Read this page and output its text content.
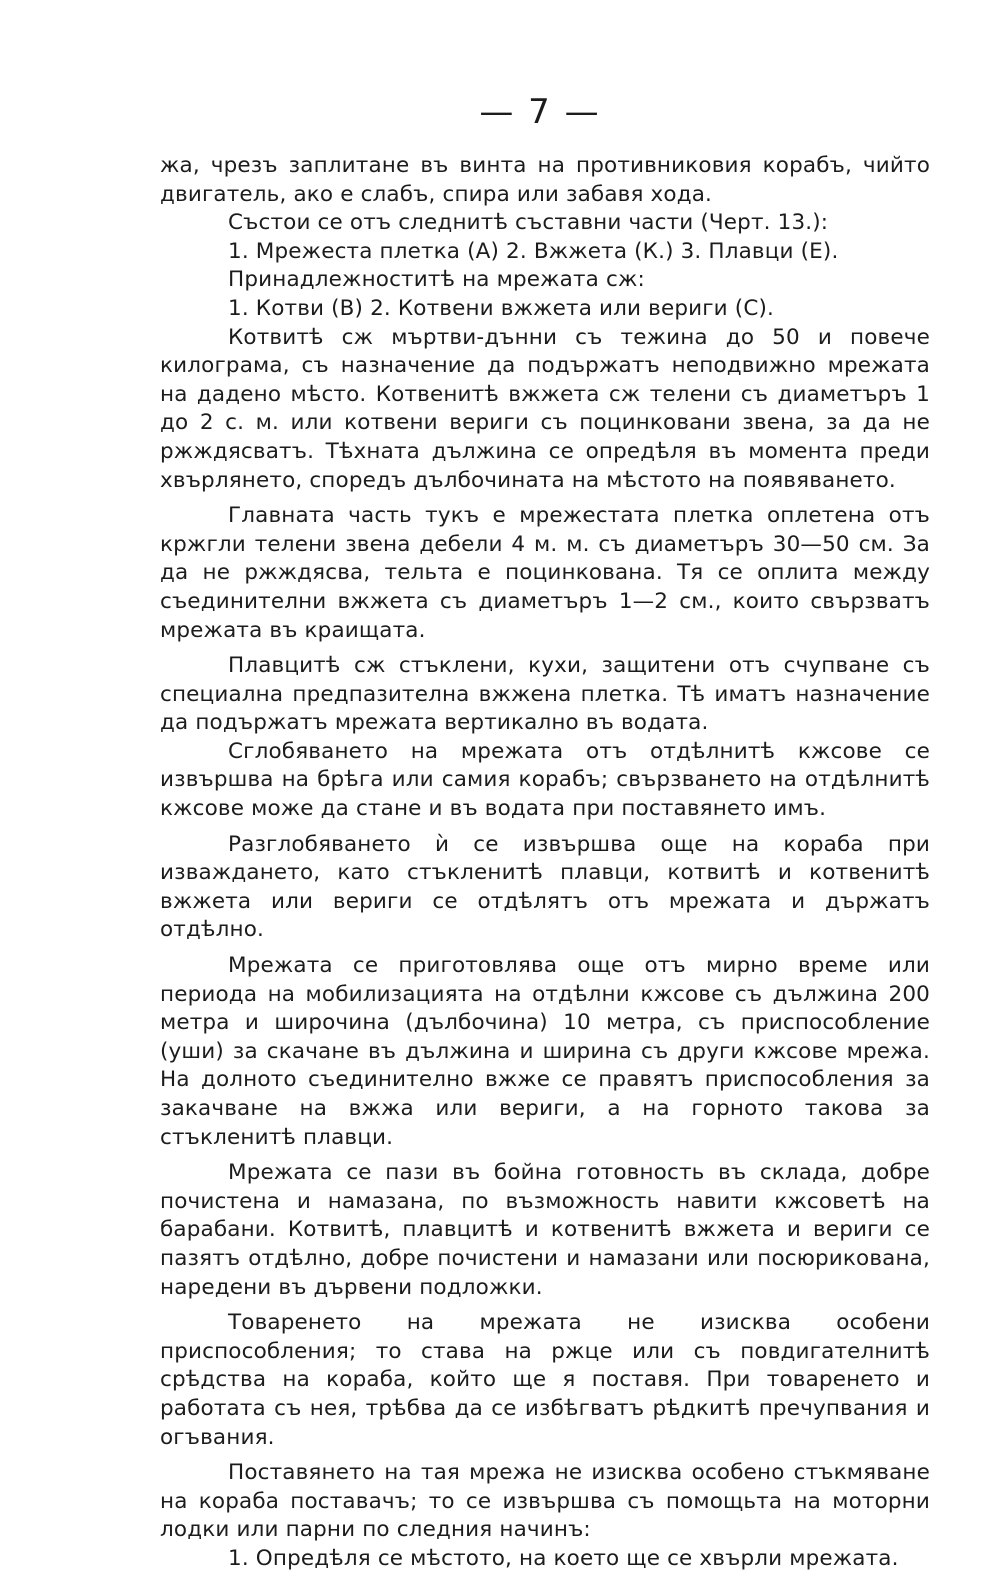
— 7 —

жа, чрезъ заплитане въ винта на противниковия корабъ, чийто двигатель, ако е слабъ, спира или забавя хода.

Състои се отъ следнитѣ съставни части (Черт. 13.):

1. Мрежеста плетка (А) 2. Вжжета (К.) 3. Плавци (Е).

Принадлежноститѣ на мрежата сж:

1. Котви (В) 2. Котвени вжжета или вериги (С).

Котвитѣ сж мъртви-дънни съ тежина до 50 и повече килограма, съ назначение да подържатъ неподвижно мрежата на дадено мѣсто. Котвенитѣ вжжета сж телени съ диаметъръ 1 до 2 с. м. или котвени вериги съ поцинковани звена, за да не ржждясватъ. Тѣхната дължина се опредѣля въ момента преди хвърлянето, споредъ дълбочината на мѣстото на появяването.

Главната часть тукъ е мрежестата плетка оплетена отъ кржгли телени звена дебели 4 м. м. съ диаметъръ 30—50 см. За да не ржждясва, тельта е поцинкована. Тя се оплита между съединителни вжжета съ диаметъръ 1—2 см., които свързватъ мрежата въ краищата.

Плавцитѣ сж стъклени, кухи, защитени отъ счупване съ специална предпазителна вжжена плетка. Тѣ иматъ назначение да подържатъ мрежата вертикално въ водата.

Сглобяването на мрежата отъ отдѣлнитѣ кжсове се извършва на брѣга или самия корабъ; свързването на отдѣлнитѣ кжсове може да стане и въ водата при поставянето имъ.

Разглобяването ѝ се извършва още на кораба при изваждането, като стъкленитѣ плавци, котвитѣ и котвенитѣ вжжета или вериги се отдѣлятъ отъ мрежата и държатъ отдѣлно.

Мрежата се приготовлява още отъ мирно време или периода на мобилизацията на отдѣлни кжсове съ дължина 200 метра и широчина (дълбочина) 10 метра, съ приспособление (уши) за скачане въ дължина и ширина съ други кжсове мрежа. На долното съединително вжже се правятъ приспособления за закачване на вжжа или вериги, а на горното такова за стъкленитѣ плавци.

Мрежата се пази въ бойна готовность въ склада, добре почистена и намазана, по възможность навити кжсоветѣ на барабани. Котвитѣ, плавцитѣ и котвенитѣ вжжета и вериги се пазятъ отдѣлно, добре почистени и намазани или посюрикована, наредени въ дървени подложки.

Товаренето на мрежата не изисква особени приспособления; то става на ржце или съ повдигателнитѣ срѣдства на кораба, който ще я поставя. При товаренето и работата съ нея, трѣбва да се избѣгватъ рѣдкитѣ пречупвания и огъвания.

Поставянето на тая мрежа не изисква особено стъкмяване на кораба поставачъ; то се извършва съ помощьта на моторни лодки или парни по следния начинъ:

1. Опредѣля се мѣстото, на което ще се хвърли мрежата.
